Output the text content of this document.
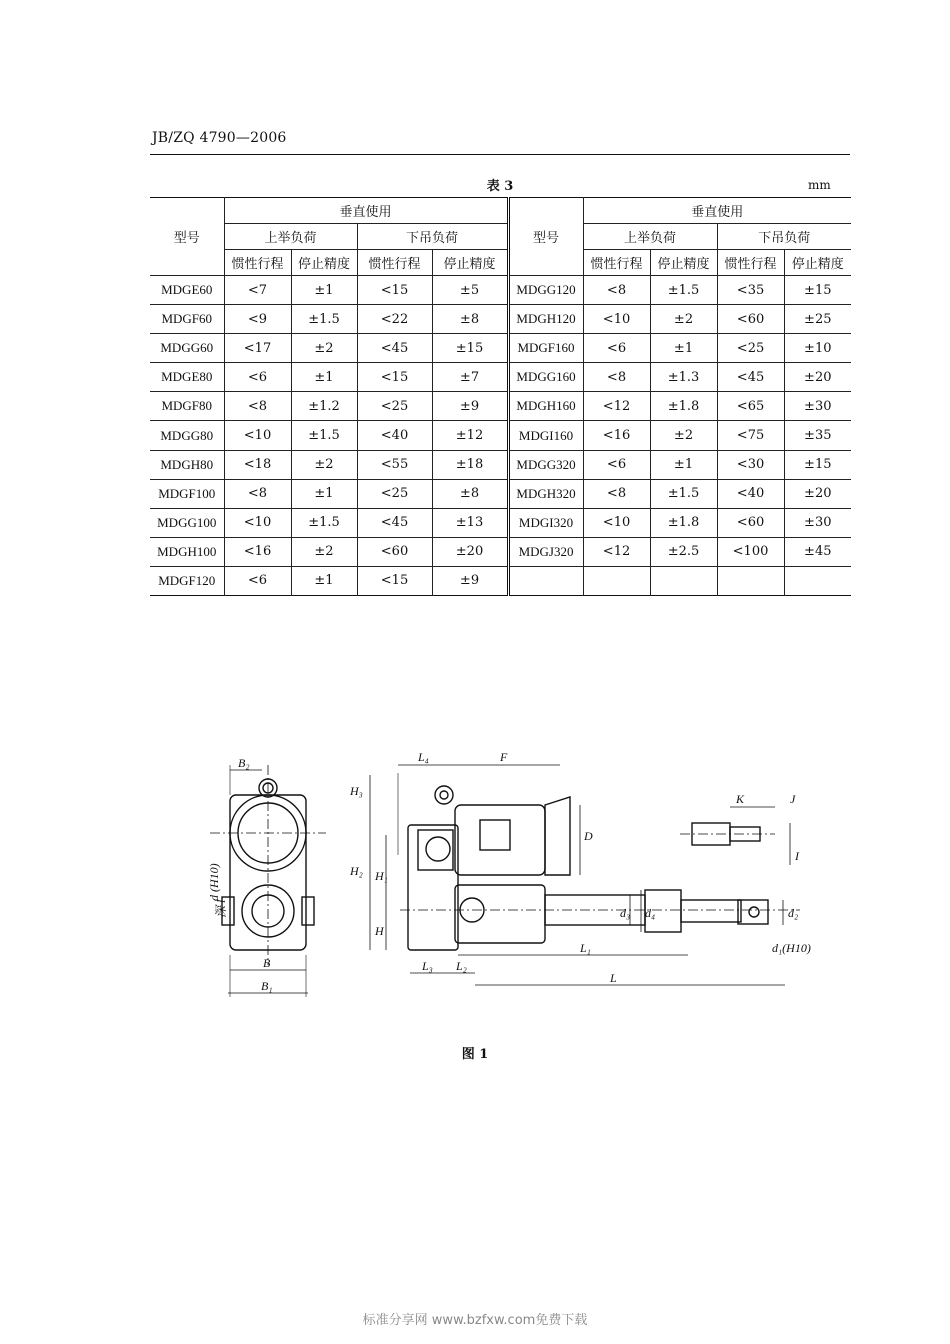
JB/ZQ 4790—2006
表 3	mm
型号	垂直使用				型号	垂直使用			
	上举负荷		下吊负荷			上举负荷		下吊负荷	
	惯性行程	停止精度	惯性行程	停止精度		惯性行程	停止精度	惯性行程	停止精度
MDGE60	<7	±1	<15	±5	MDGG120	<8	±1.5	<35	±15
MDGF60	<9	±1.5	<22	±8	MDGH120	<10	±2	<60	±25
MDGG60	<17	±2	<45	±15	MDGF160	<6	±1	<25	±10
MDGE80	<6	±1	<15	±7	MDGG160	<8	±1.3	<45	±20
MDGF80	<8	±1.2	<25	±9	MDGH160	<12	±1.8	<65	±30
MDGG80	<10	±1.5	<40	±12	MDGI160	<16	±2	<75	±35
MDGH80	<18	±2	<55	±18	MDGG320	<6	±1	<30	±15
MDGF100	<8	±1	<25	±8	MDGH320	<8	±1.5	<40	±20
MDGG100	<10	±1.5	<45	±13	MDGI320	<10	±1.8	<60	±30
MDGH100	<16	±2	<60	±20	MDGJ320	<12	±2.5	<100	±45
MDGF120	<6	±1	<15	±9					
B₂
B
B₁
d (H10)
深 l
L₄	F
H₃
H₂ H₁
H
D
L₃ L₂
L₁
L
d₃ d₄	d₂
d₁(H10)
K	J
I
图 1
标准分享网 www.bzfxw.com免费下载
